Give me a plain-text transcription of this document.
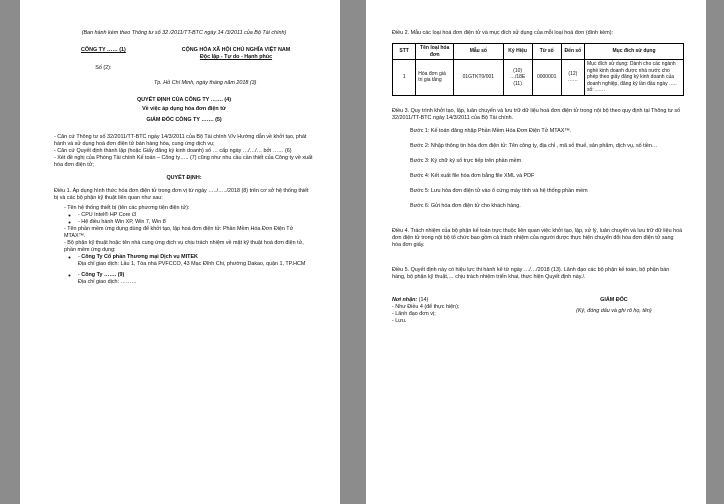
(Ban hành kèm theo Thông tư số 32 /2011/TT-BTC ngày 14 /3/2011 của Bộ Tài chính)
CÔNG TY …… (1)	CỘNG HÒA XÃ HỘI CHỦ NGHĨA VIỆT NAM
Độc lập - Tự do - Hạnh phúc
Số (2):
Tp. Hồ Chí Minh, ngày tháng năm 2018 (3)
QUYẾT ĐỊNH CỦA CÔNG TY ……. (4)
Về việc áp dụng hóa đơn điện tử
GIÁM ĐỐC CÔNG TY ……. (5)
- Căn cứ Thông tư số 32/2011/TT-BTC ngày 14/3/2011 của Bộ Tài chính V/v Hướng dẫn về khởi tạo, phát hành và sử dụng hoá đơn điện tử bán hàng hóa, cung ứng dịch vụ;
- Căn cứ Quyết định thành lập (hoặc Giấy đăng ký kinh doanh) số … cấp ngày …/…/… bởi …… (6)
- Xét đề nghị của Phòng Tài chính Kế toán – Công ty….. (7) cũng như nhu cầu cần thiết của Công ty về xuất hóa đơn điện tử;
QUYẾT ĐỊNH:
Điều 1. Áp dụng hình thức hóa đơn điện tử trong đơn vị từ ngày …../…../2018 (8) trên cơ sở hệ thống thiết bị và các bộ phận kỹ thuật liên quan như sau:
- Tên hệ thống thiết bị (tên các phương tiện điện tử):
- ◦ CPU Intel® HP Core i3
- ◦ Hệ điều hành Win XP, Win 7, Win 8
- Tên phần mềm ứng dụng dùng để khởi tạo, lập hoá đơn điện tử: Phần Mềm Hóa Đơn Điện Tử MTAX™.
- Bộ phận kỹ thuật hoặc tên nhà cung ứng dịch vụ chịu trách nhiệm về mặt kỹ thuật hoá đơn điện tử, phần mềm ứng dụng:
- ◦ Công Ty Cổ phần Thương mại Dịch vụ MITEK
Địa chỉ giao dịch: Lầu 1, Tòa nhà PVFCCO, 43 Mạc Đĩnh Chi, phường Dakao, quận 1, TP.HCM
- ◦ Công Ty ……. (9)
Địa chỉ giao dịch: ………
Điều 2. Mẫu các loại hoá đơn điện tử và mục đích sử dụng của mỗi loại hoá đơn (đính kèm):
STT	Tên loại hóa đơn	Mẫu số	Ký Hiệu	Từ số	Đến số	Mục đích sử dụng
1	Hóa đơn giá trị gia tăng	01GTKT0/001	(10) …/18E (11)	0000001	(12) ……	Mục đích sử dụng: Dành cho các ngành nghề kinh doanh được nhà nước cho phép theo giấy đăng ký kinh doanh của doanh nghiệp, đăng ký lần đầu ngày ….. số: ……
Điều 3. Quy trình khởi tạo, lập, luân chuyển và lưu trữ dữ liệu hoá đơn điện tử trong nội bộ theo quy định tại Thông tư số 32/2011/TT-BTC ngày 14/3/2011 của Bộ Tài chính.
Bước 1: Kế toán đăng nhập Phần Mềm Hóa Đơn Điện Tử MTAX™.
Bước 2: Nhập thông tin hóa đơn điện tử: Tên công ty, địa chỉ , mã số thuế, sản phẩm, dịch vụ, số tiền…
Bước 3: Ký chữ ký số trực tiếp trên phần mềm
Bước 4: Kết xuất file hóa đơn bằng file XML và PDF
Bước 5: Lưu hóa đơn điện tử vào ổ cứng máy tính và hệ thống phần mềm
Bước 6: Gửi hóa đơn điện tử cho khách hàng.
Điều 4. Trách nhiệm của bộ phận kế toán trực thuộc liên quan việc khởi tạo, lập, xử lý, luân chuyển và lưu trữ dữ liệu hoá đơn điện tử trong nội bộ tổ chức bao gồm cả trách nhiệm của người được thực hiện chuyển đổi hóa đơn điện tử sang hóa đơn giấy.
Điều 5. Quyết định này có hiệu lực thi hành kể từ ngày …/…/2018 (13). Lãnh đạo các bộ phận kế toán, bộ phận bán hàng, bộ phận kỹ thuật,… chịu trách nhiệm triển khai, thực hiện Quyết định này./.
Nơi nhận: (14)
- Như Điều 4 (để thực hiện);
- Lãnh đạo đơn vị;
- Lưu.
GIÁM ĐỐC
(Ký, đóng dấu và ghi rõ họ, tên)
